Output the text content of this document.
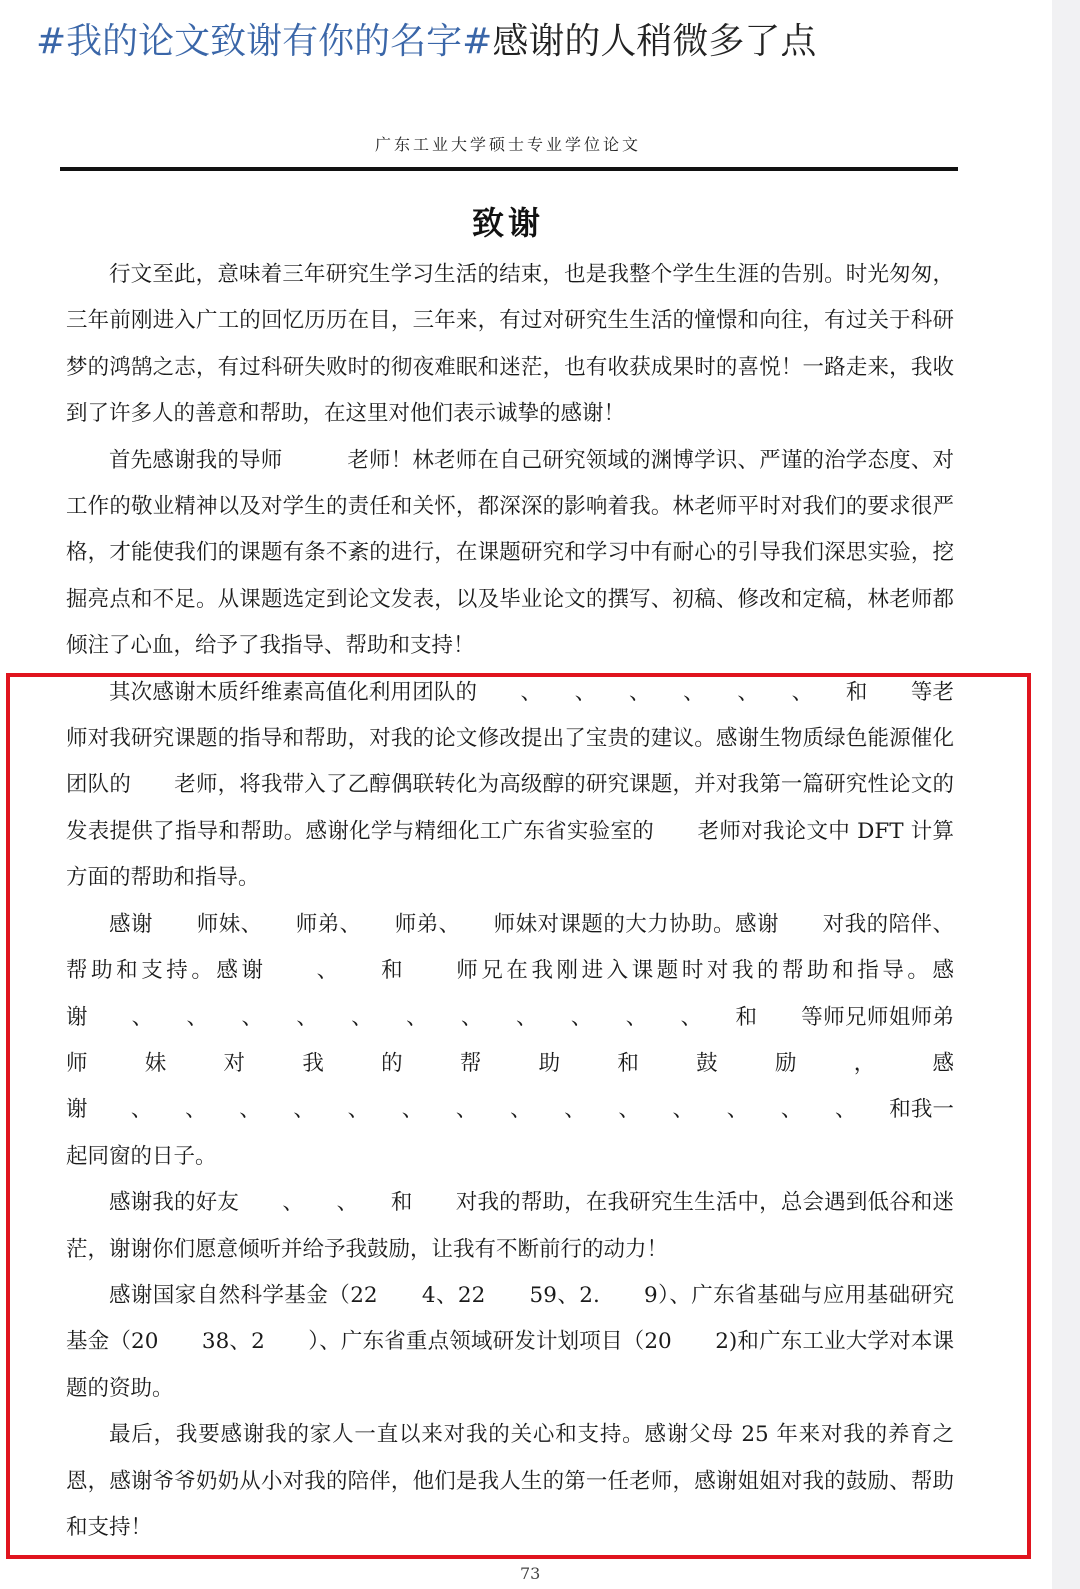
#我的论文致谢有你的名字#感谢的人稍微多了点
广东工业大学硕士专业学位论文
致谢

行文至此，意味着三年研究生学习生活的结束，也是我整个学生生涯的告别。时光匆匆，三年前刚进入广工的回忆历历在目，三年来，有过对研究生生活的憧憬和向往，有过关于科研梦的鸿鹄之志，有过科研失败时的彻夜难眠和迷茫，也有收获成果时的喜悦！一路走来，我收到了许多人的善意和帮助，在这里对他们表示诚挚的感谢！

首先感谢我的导师　　　老师！林老师在自己研究领域的渊博学识、严谨的治学态度、对工作的敬业精神以及对学生的责任和关怀，都深深的影响着我。林老师平时对我们的要求很严格，才能使我们的课题有条不紊的进行，在课题研究和学习中有耐心的引导我们深思实验，挖掘亮点和不足。从课题选定到论文发表，以及毕业论文的撰写、初稿、修改和定稿，林老师都倾注了心血，给予了我指导、帮助和支持！

其次感谢木质纤维素高值化利用团队的　　、　　、　　、　　、　　、　　、　　和　　等老师对我研究课题的指导和帮助，对我的论文修改提出了宝贵的建议。感谢生物质绿色能源催化团队的　　老师，将我带入了乙醇偶联转化为高级醇的研究课题，并对我第一篇研究性论文的发表提供了指导和帮助。感谢化学与精细化工广东省实验室的　　老师对我论文中 DFT 计算方面的帮助和指导。

感谢　　师妹、　　师弟、　　师弟、　　师妹对课题的大力协助。感谢　　对我的陪伴、帮助和支持。感谢　　、　　和　　师兄在我刚进入课题时对我的帮助和指导。感谢　　、　　、　　、　　、　　、　　、　　、　　、　　、　　、　　、　　和　　等师兄师姐师弟师妹对我的帮助和鼓励，感谢　　、　　、　　、　　、　　、　　、　　、　　、　　、　　、　　、　　、　　、　　、　　和我一起同窗的日子。

感谢我的好友　　、　　、　　和　　对我的帮助，在我研究生生活中，总会遇到低谷和迷茫，谢谢你们愿意倾听并给予我鼓励，让我有不断前行的动力！

感谢国家自然科学基金（22　　4、22　　59、2.　　9）、广东省基础与应用基础研究基金（20　　38、2　　）、广东省重点领域研发计划项目（20　　2)和广东工业大学对本课题的资助。

最后，我要感谢我的家人一直以来对我的关心和支持。感谢父母 25 年来对我的养育之恩，感谢爷爷奶奶从小对我的陪伴，他们是我人生的第一任老师，感谢姐姐对我的鼓励、帮助和支持！

73
